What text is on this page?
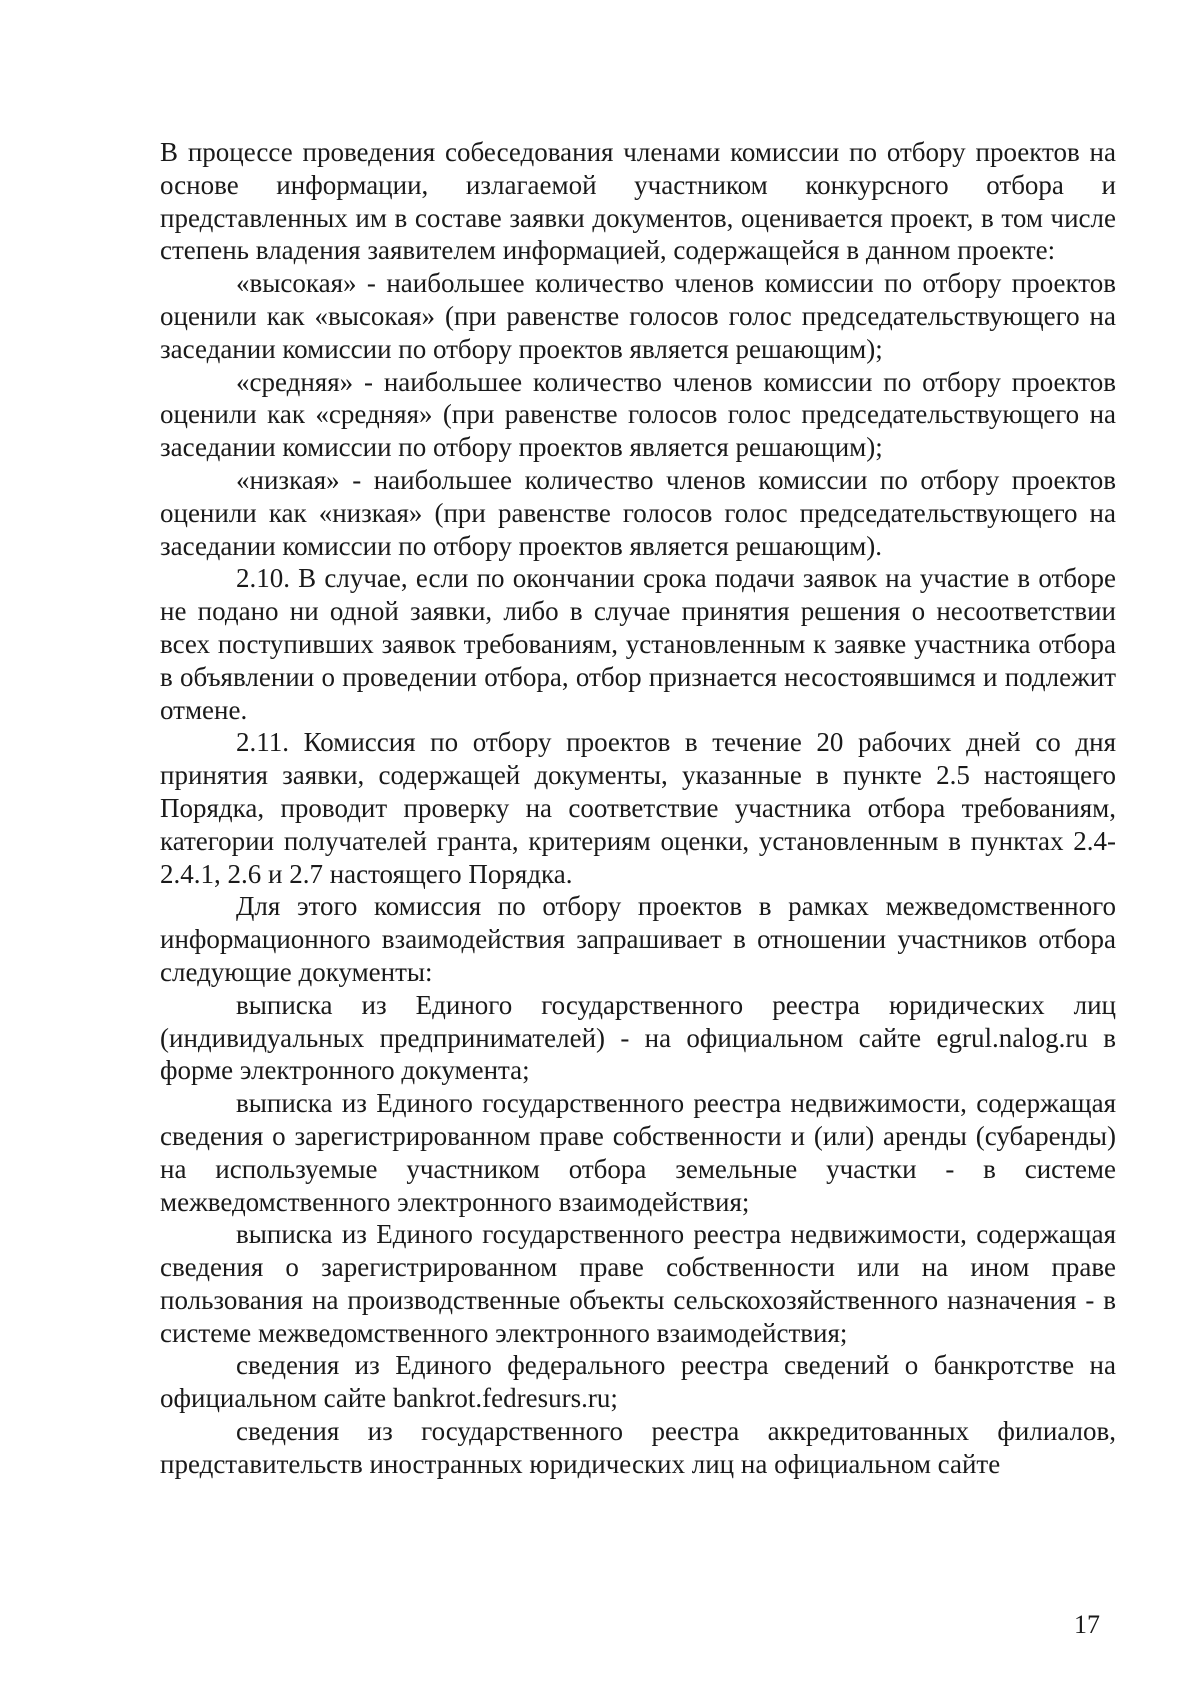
В процессе проведения собеседования членами комиссии по отбору проектов на основе информации, излагаемой участником конкурсного отбора и представленных им в составе заявки документов, оценивается проект, в том числе степень владения заявителем информацией, содержащейся в данном проекте:

«высокая» - наибольшее количество членов комиссии по отбору проектов оценили как «высокая» (при равенстве голосов голос председательствующего на заседании комиссии по отбору проектов является решающим);

«средняя» - наибольшее количество членов комиссии по отбору проектов оценили как «средняя» (при равенстве голосов голос председательствующего на заседании комиссии по отбору проектов является решающим);

«низкая» - наибольшее количество членов комиссии по отбору проектов оценили как «низкая» (при равенстве голосов голос председательствующего на заседании комиссии по отбору проектов является решающим).

2.10. В случае, если по окончании срока подачи заявок на участие в отборе не подано ни одной заявки, либо в случае принятия решения о несоответствии всех поступивших заявок требованиям, установленным к заявке участника отбора в объявлении о проведении отбора, отбор признается несостоявшимся и подлежит отмене.

2.11. Комиссия по отбору проектов в течение 20 рабочих дней со дня принятия заявки, содержащей документы, указанные в пункте 2.5 настоящего Порядка, проводит проверку на соответствие участника отбора требованиям, категории получателей гранта, критериям оценки, установленным в пунктах 2.4-2.4.1, 2.6 и 2.7 настоящего Порядка.

Для этого комиссия по отбору проектов в рамках межведомственного информационного взаимодействия запрашивает в отношении участников отбора следующие документы:

выписка из Единого государственного реестра юридических лиц (индивидуальных предпринимателей) - на официальном сайте egrul.nalog.ru в форме электронного документа;

выписка из Единого государственного реестра недвижимости, содержащая сведения о зарегистрированном праве собственности и (или) аренды (субаренды) на используемые участником отбора земельные участки - в системе межведомственного электронного взаимодействия;

выписка из Единого государственного реестра недвижимости, содержащая сведения о зарегистрированном праве собственности или на ином праве пользования на производственные объекты сельскохозяйственного назначения - в системе межведомственного электронного взаимодействия;

сведения из Единого федерального реестра сведений о банкротстве на официальном сайте bankrot.fedresurs.ru;

сведения из государственного реестра аккредитованных филиалов, представительств иностранных юридических лиц на официальном сайте

17
